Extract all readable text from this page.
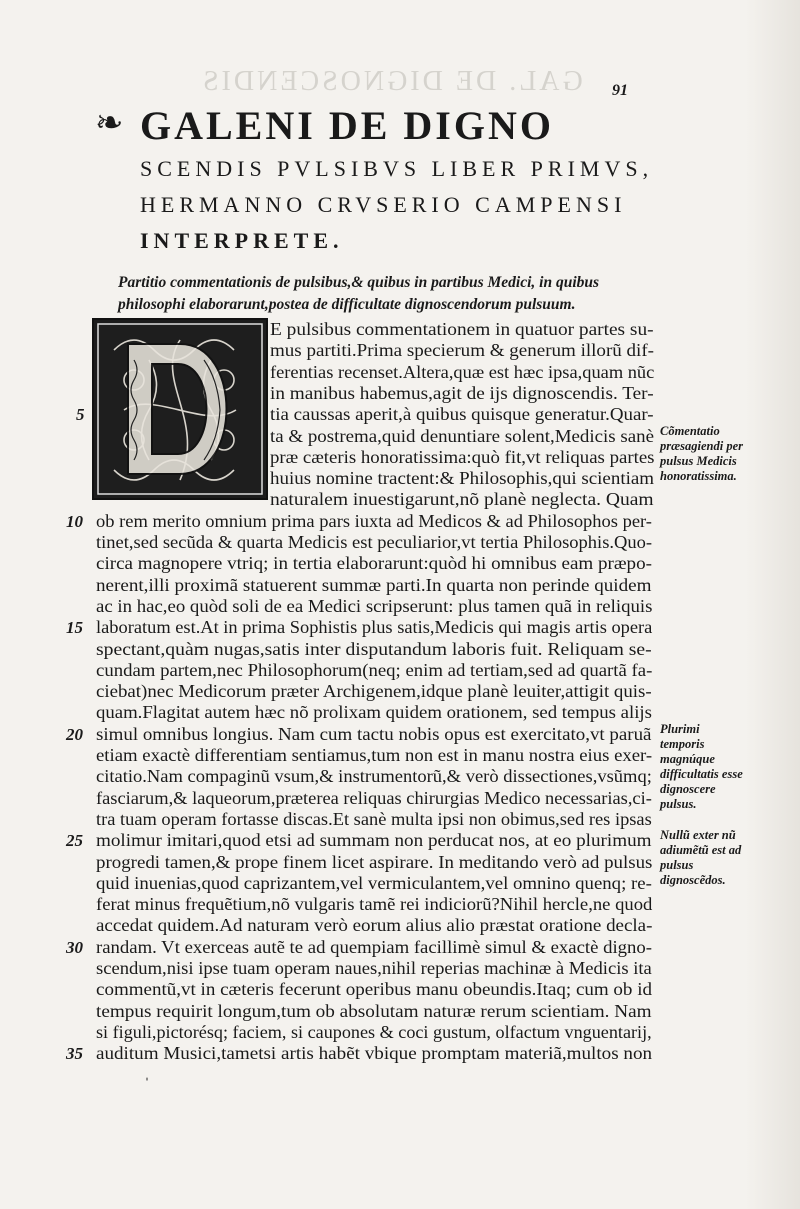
GAL. DE DIGNOSCENDIS 91
❧ GALENI DE DIGNO
SCENDIS PVLSIBVS LIBER PRIMVS,
HERMANNO CRVSERIO CAMPENSI
INTERPRETE.
Partitio commentationis de pulsibus,& quibus in partibus Medici, in quibus philosophi elaborarunt,postea de difficultate dignoscendorum pulsuum.
E pulsibus commentationem in quatuor partes su-
mus partiti.Prima specierum & generum illorũ dif-
ferentias recenset.Altera,quæ est hæc ipsa,quam nũc
in manibus habemus,agit de ijs dignoscendis. Ter-
tia caussas aperit,à quibus quisque generatur.Quar-
ta & postrema,quid denuntiare solent,Medicis sanè
præ cæteris honoratissima:quò fit,vt reliquas partes
huius nomine tractent:& Philosophis,qui scientiam
naturalem inuestigarunt,nõ planè neglecta. Quam
ob rem merito omnium prima pars iuxta ad Medicos & ad Philosophos per-
tinet,sed secũda & quarta Medicis est peculiarior,vt tertia Philosophis.Quo-
circa magnopere vtriq; in tertia elaborarunt:quòd hi omnibus eam præpo-
nerent,illi proximã statuerent summæ parti.In quarta non perinde quidem
ac in hac,eo quòd soli de ea Medici scripserunt: plus tamen quã in reliquis
laboratum est.At in prima Sophistis plus satis,Medicis qui magis artis opera
spectant,quàm nugas,satis inter disputandum laboris fuit. Reliquam se-
cundam partem,nec Philosophorum(neq; enim ad tertiam,sed ad quartã fa-
ciebat)nec Medicorum præter Archigenem,idque planè leuiter,attigit quis-
quam.Flagitat autem hæc nõ prolixam quidem orationem, sed tempus alijs
simul omnibus longius. Nam cum tactu nobis opus est exercitato,vt paruã
etiam exactè differentiam sentiamus,tum non est in manu nostra eius exer-
citatio.Nam compaginũ vsum,& instrumentorũ,& verò dissectiones,vsũmq;
fasciarum,& laqueorum,præterea reliquas chirurgias Medico necessarias,ci-
tra tuam operam fortasse discas.Et sanè multa ipsi non obimus,sed res ipsas
molimur imitari,quod etsi ad summam non perducat nos, at eo plurimum
progredi tamen,& prope finem licet aspirare. In meditando verò ad pulsus
quid inuenias,quod caprizantem,vel vermiculantem,vel omnino quenq; re-
ferat minus frequẽtium,nõ vulgaris tamẽ rei indiciorũ?Nihil hercle,ne quod
accedat quidem.Ad naturam verò eorum alius alio præstat oratione decla-
randam. Vt exerceas autẽ te ad quempiam facillimè simul & exactè digno-
scendum,nisi ipse tuam operam naues,nihil reperias machinæ à Medicis ita
commentũ,vt in cæteris fecerunt operibus manu obeundis.Itaq; cum ob id
tempus requirit longum,tum ob absolutam naturæ rerum scientiam. Nam
si figuli,pictorésq; faciem, si caupones & coci gustum, olfactum vnguentarij,
auditum Musici,tametsi artis habẽt vbique promptam materiã,multos non
5
10
15
20
25
30
35
Cõmentatio præsagiendi per pulsus Medicis honoratissima.
Plurimi temporis magnúque difficultatis esse dignoscere pulsus.
Nullũ exter nũ adiumẽtũ est ad pulsus dignoscẽdos.
ˈ
